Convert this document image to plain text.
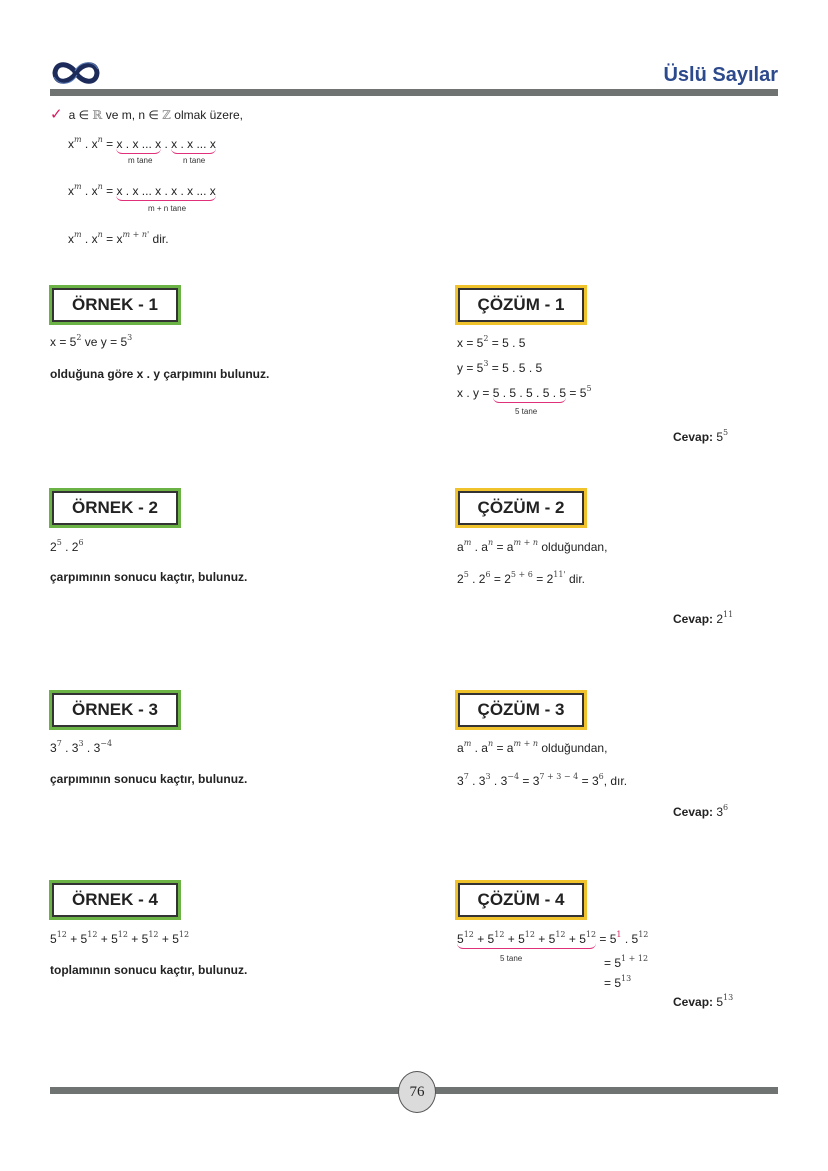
Üslü Sayılar
✓ a ∈ ℝ ve m, n ∈ ℤ olmak üzere,
$x^m$ . $x^n = x$ . x ... x . x . x ... x
m tane	n tane
$x^m$ . $x^n = x$ . x ... x . x . x ... x
m + n tane
$x^m$ . $x^n = x^{m + n'}$ dir.
ÖRNEK - 1
$x = 5^2$ ve $y = 5^3$
olduğuna göre x . y çarpımını bulunuz.
ÇÖZÜM - 1
$x = 5^2 = 5$ . 5
$y = 5^3 = 5$ . 5 . 5
x . y = 5 . 5 . 5 . 5 . $5 = 5^5$
5 tane
Cevap: $5^5$
ÖRNEK - 2
$2^5$ . $2^6$
çarpımının sonucu kaçtır, bulunuz.
ÇÖZÜM - 2
$a^m$ . $a^n = a^{m + n}$ olduğundan,
$2^5$ . $2^6 = 2^{5 + 6} = 2^{11'}$ dir.
Cevap: $2^{11}$
ÖRNEK - 3
$3^7$ . $3^3$ . $3^{-4}$
çarpımının sonucu kaçtır, bulunuz.
ÇÖZÜM - 3
$a^m$ . $a^n = a^{m + n}$ olduğundan,
$3^7$ . $3^3$ . $3^{-4} = 3^{7 + 3 - 4} = 3^6$, dır.
Cevap: $3^6$
ÖRNEK - 4
$5^{12} + 5^{12} + 5^{12} + 5^{12} + 5^{12}$
toplamının sonucu kaçtır, bulunuz.
ÇÖZÜM - 4
$5^{12} + 5^{12} + 5^{12} + 5^{12} + 5^{12} = 5^1$ . $5^{12}$
5 tane	= $5^{1 + 12}$
= $5^{13}$
Cevap: $5^{13}$
76
